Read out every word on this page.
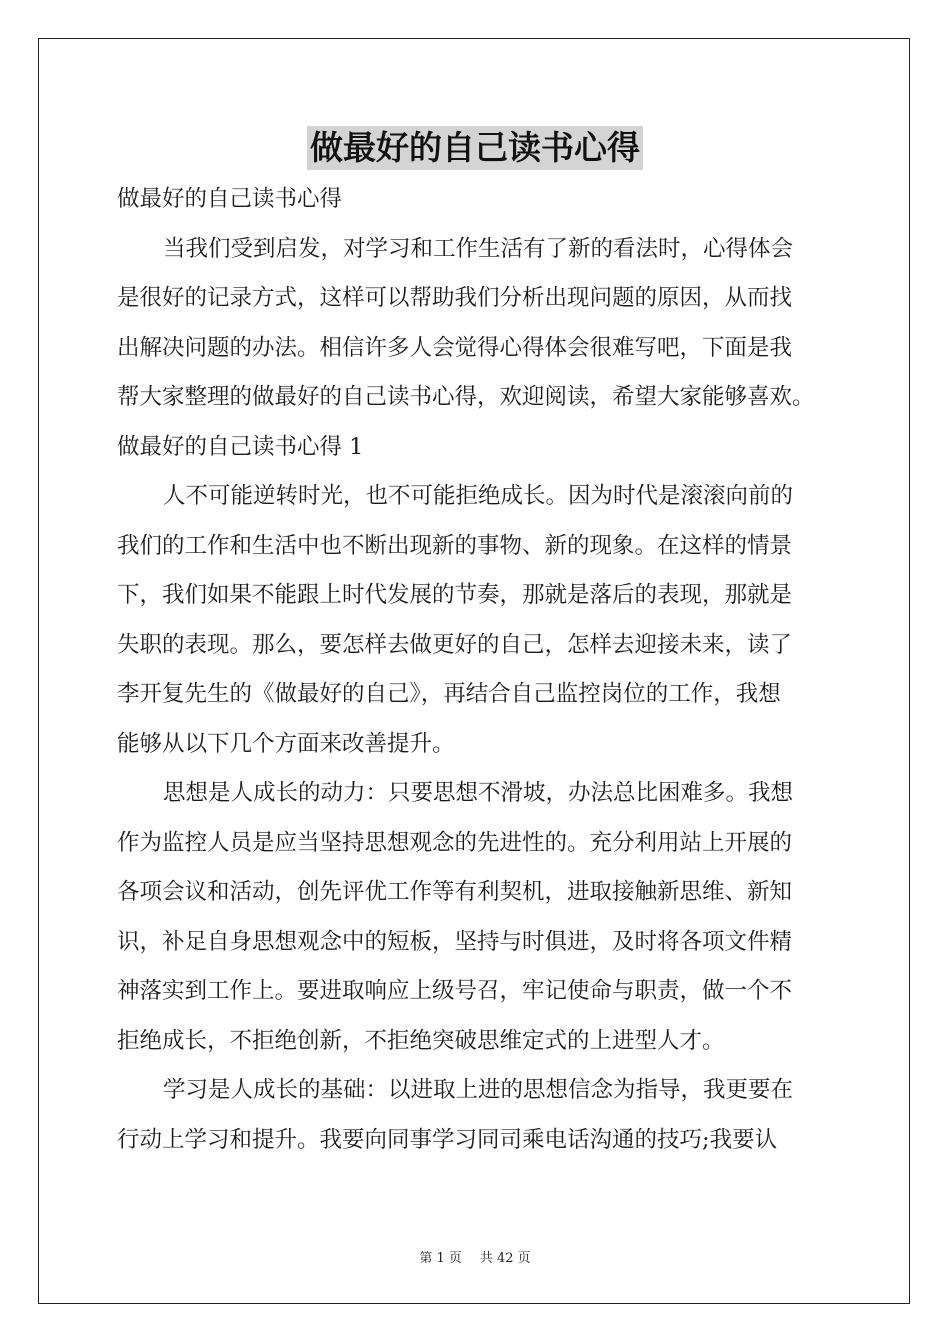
做最好的自己读书心得
做最好的自己读书心得
当我们受到启发，对学习和工作生活有了新的看法时，心得体会
是很好的记录方式，这样可以帮助我们分析出现问题的原因，从而找
出解决问题的办法。相信许多人会觉得心得体会很难写吧，下面是我
帮大家整理的做最好的自己读书心得，欢迎阅读，希望大家能够喜欢。
做最好的自己读书心得 1
人不可能逆转时光，也不可能拒绝成长。因为时代是滚滚向前的
我们的工作和生活中也不断出现新的事物、新的现象。在这样的情景
下，我们如果不能跟上时代发展的节奏，那就是落后的表现，那就是
失职的表现。那么，要怎样去做更好的自己，怎样去迎接未来，读了
李开复先生的《做最好的自己》，再结合自己监控岗位的工作，我想
能够从以下几个方面来改善提升。
思想是人成长的动力：只要思想不滑坡，办法总比困难多。我想
作为监控人员是应当坚持思想观念的先进性的。充分利用站上开展的
各项会议和活动，创先评优工作等有利契机，进取接触新思维、新知
识，补足自身思想观念中的短板，坚持与时俱进，及时将各项文件精
神落实到工作上。要进取响应上级号召，牢记使命与职责，做一个不
拒绝成长，不拒绝创新，不拒绝突破思维定式的上进型人才。
学习是人成长的基础：以进取上进的思想信念为指导，我更要在
行动上学习和提升。我要向同事学习同司乘电话沟通的技巧;我要认
第 1 页 共 42 页
